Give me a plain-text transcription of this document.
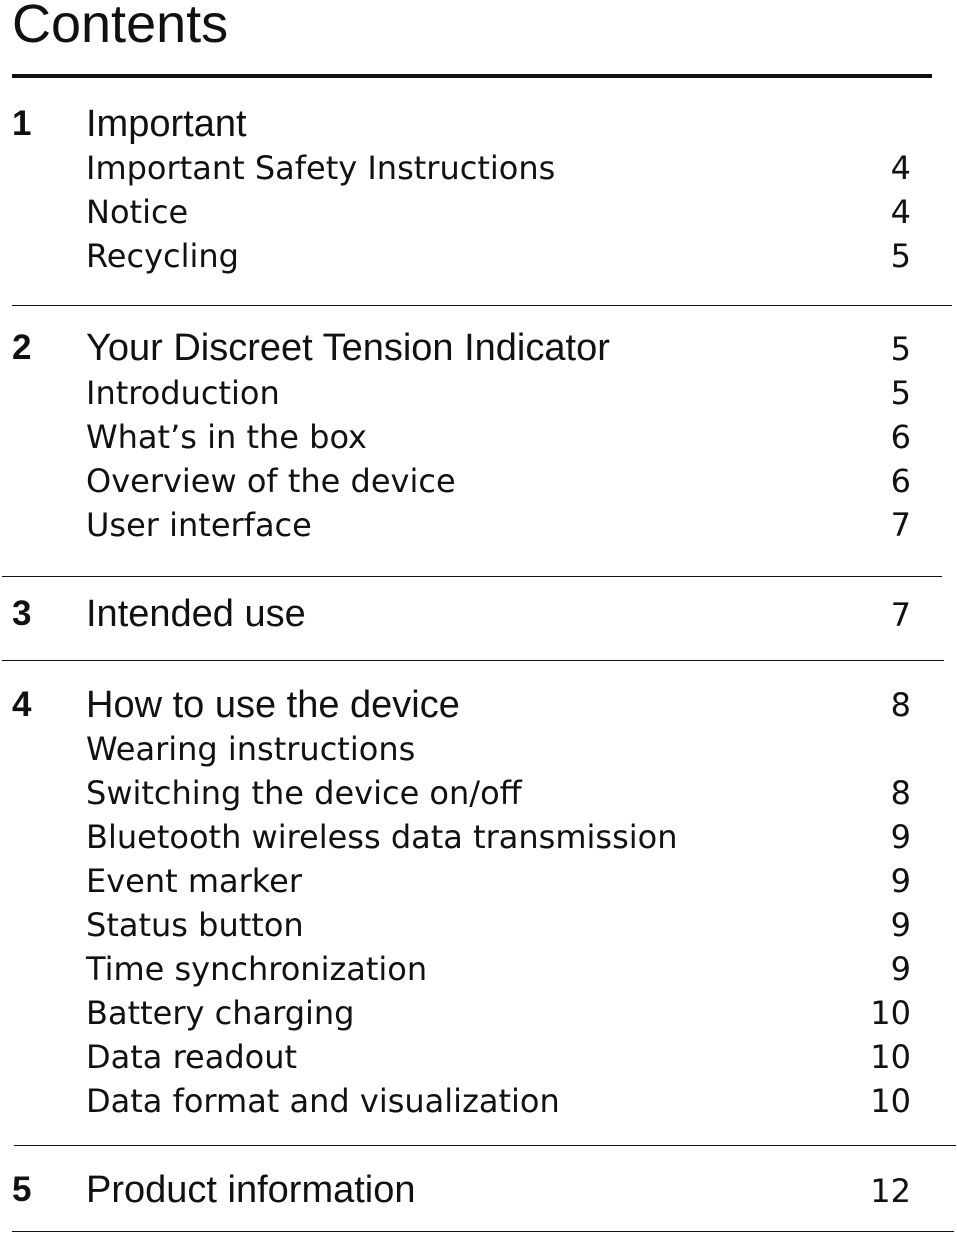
Contents
1 Important
Important Safety Instructions	4
Notice	4
Recycling	5
2 Your Discreet Tension Indicator	5
Introduction	5
What’s in the box	6
Overview of the device	6
User interface	7
3 Intended use	7
4 How to use the device	8
Wearing instructions
Switching the device on/off	8
Bluetooth wireless data transmission	9
Event marker	9
Status button	9
Time synchronization	9
Battery charging	10
Data readout	10
Data format and visualization	10
5 Product information	12
